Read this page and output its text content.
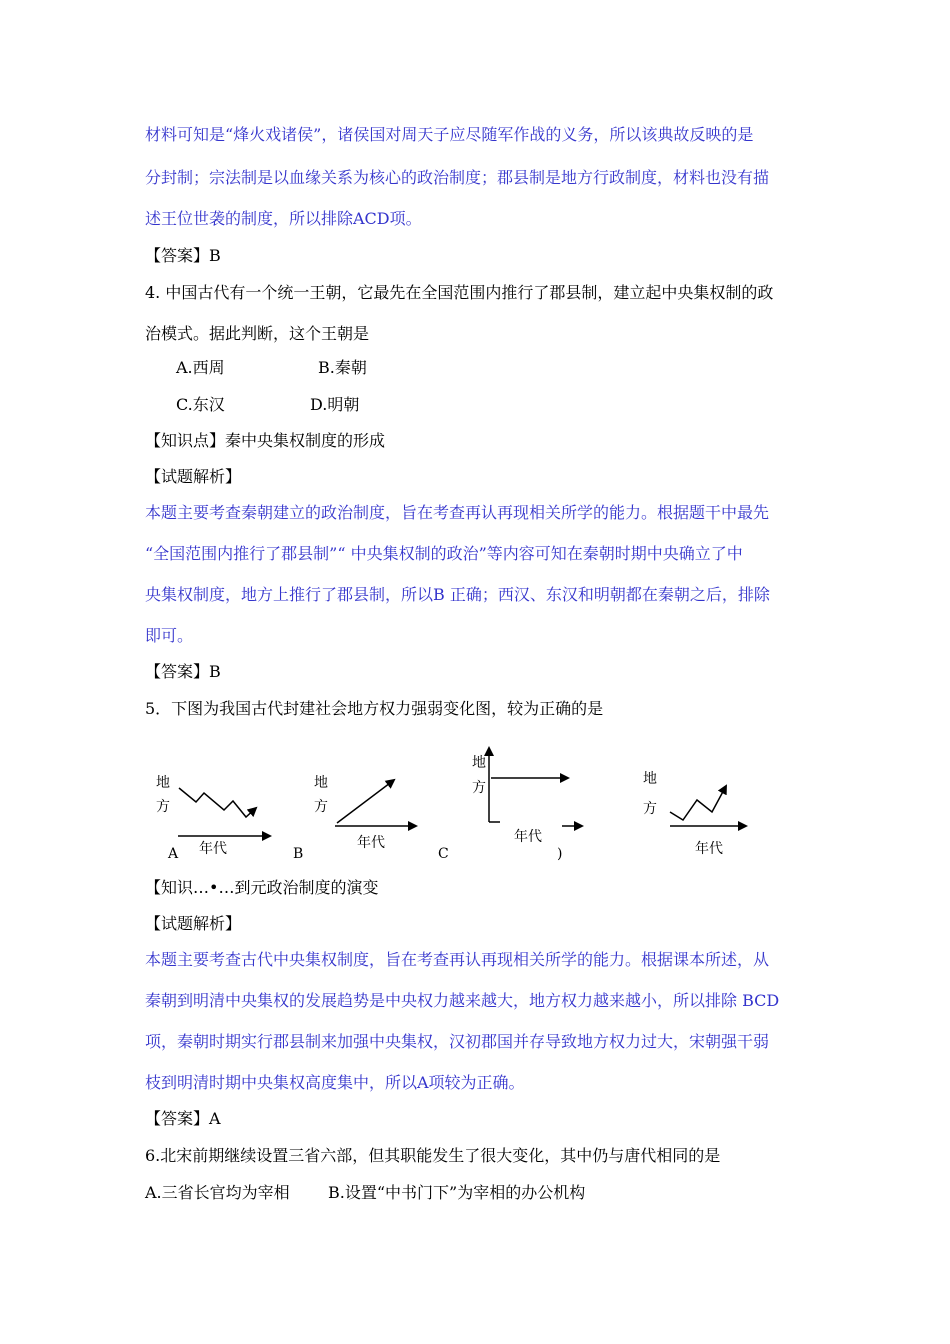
材料可知是“烽火戏诸侯”，诸侯国对周天子应尽随军作战的义务，所以该典故反映的是
分封制；宗法制是以血缘关系为核心的政治制度；郡县制是地方行政制度，材料也没有描
述王位世袭的制度，所以排除ACD项。
【答案】B
4. 中国古代有一个统一王朝，它最先在全国范围内推行了郡县制，建立起中央集权制的政
治模式。据此判断，这个王朝是
A.西周	B.秦朝
C.东汉	D.明朝
【知识点】秦中央集权制度的形成
【试题解析】
本题主要考查秦朝建立的政治制度，旨在考查再认再现相关所学的能力。根据题干中最先
“全国范围内推行了郡县制”“ 中央集权制的政治”等内容可知在秦朝时期中央确立了中
央集权制度，地方上推行了郡县制，所以B 正确；西汉、东汉和明朝都在秦朝之后，排除
即可。
【答案】B
5．下图为我国古代封建社会地方权力强弱变化图，较为正确的是
地
方
年代
A
地
方
年代
B
地
方
年代
C	)
地
方
年代
【知识…•…到元政治制度的演变
【试题解析】
本题主要考查古代中央集权制度，旨在考查再认再现相关所学的能力。根据课本所述，从
秦朝到明清中央集权的发展趋势是中央权力越来越大，地方权力越来越小，所以排除 BCD
项，秦朝时期实行郡县制来加强中央集权，汉初郡国并存导致地方权力过大，宋朝强干弱
枝到明清时期中央集权高度集中，所以A项较为正确。
【答案】A
6.北宋前期继续设置三省六部，但其职能发生了很大变化，其中仍与唐代相同的是
A.三省长官均为宰相 B.设置“中书门下”为宰相的办公机构
